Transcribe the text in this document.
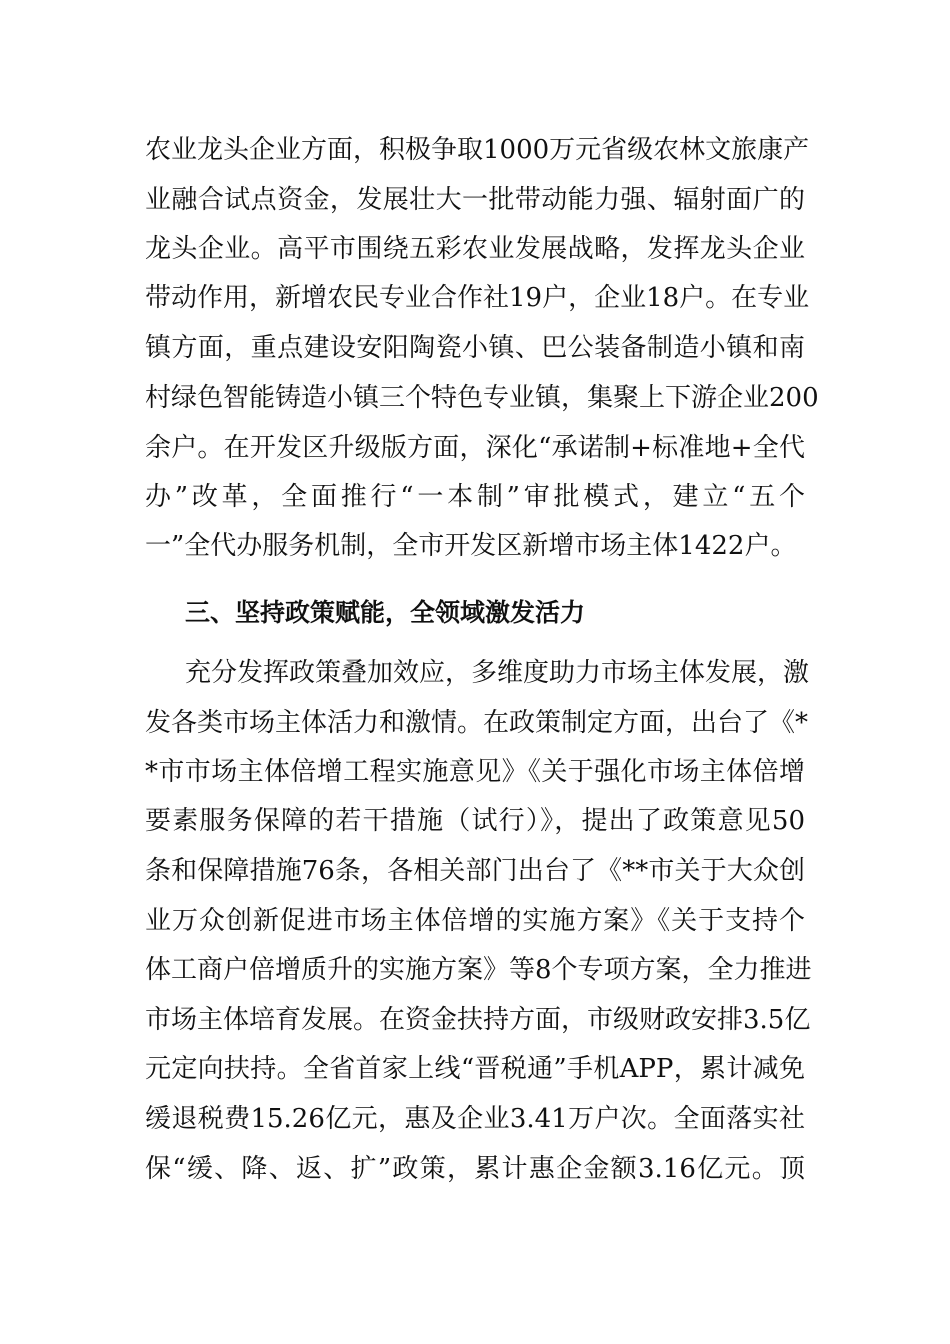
农业龙头企业方面，积极争取1000万元省级农林文旅康产
业融合试点资金，发展壮大一批带动能力强、辐射面广的
龙头企业。高平市围绕五彩农业发展战略，发挥龙头企业
带动作用，新增农民专业合作社19户，企业18户。在专业
镇方面，重点建设安阳陶瓷小镇、巴公装备制造小镇和南
村绿色智能铸造小镇三个特色专业镇，集聚上下游企业200
余户。在开发区升级版方面，深化“承诺制+标准地+全代
办”改革，全面推行“一本制”审批模式，建立“五个
一”全代办服务机制，全市开发区新增市场主体1422户。
三、坚持政策赋能，全领域激发活力
充分发挥政策叠加效应，多维度助力市场主体发展，激
发各类市场主体活力和激情。在政策制定方面，出台了《*
*市市场主体倍增工程实施意见》《关于强化市场主体倍增
要素服务保障的若干措施（试行）》，提出了政策意见50
条和保障措施76条，各相关部门出台了《**市关于大众创
业万众创新促进市场主体倍增的实施方案》《关于支持个
体工商户倍增质升的实施方案》等8个专项方案，全力推进
市场主体培育发展。在资金扶持方面，市级财政安排3.5亿
元定向扶持。全省首家上线“晋税通”手机APP，累计减免
缓退税费15.26亿元，惠及企业3.41万户次。全面落实社
保“缓、降、返、扩”政策，累计惠企金额3.16亿元。顶
